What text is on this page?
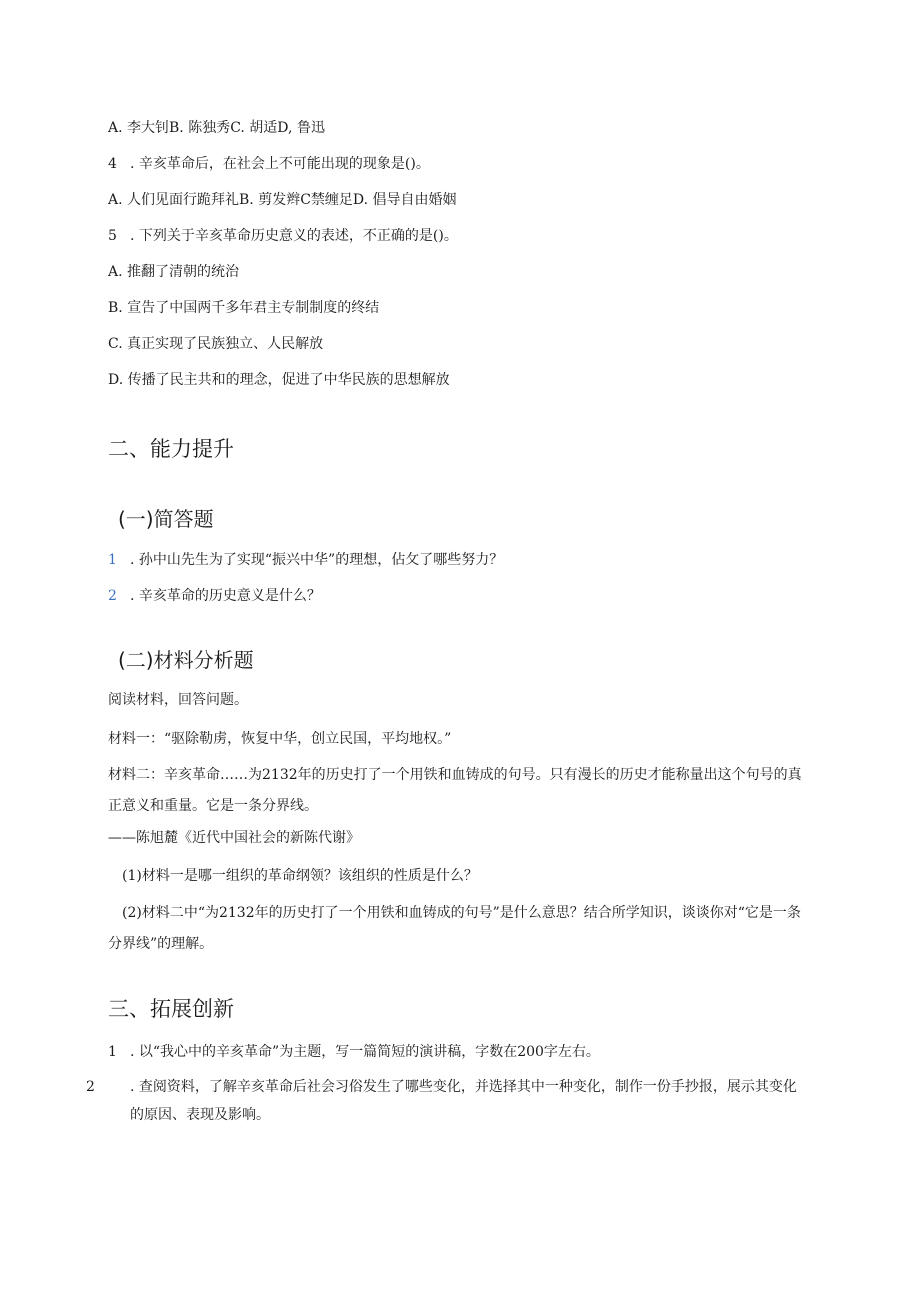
A. 李大钊B. 陈独秀C. 胡适D, 鲁迅
4 . 辛亥革命后，在社会上不可能出现的现象是()。
A. 人们见面行跪拜礼B. 剪发辫C禁缠足D. 倡导自由婚姻
5 . 下列关于辛亥革命历史意义的表述，不正确的是()。
A. 推翻了清朝的统治
B. 宣告了中国两千多年君主专制制度的终结
C. 真正实现了民族独立、人民解放
D. 传播了民主共和的理念，促进了中华民族的思想解放
二、能力提升
(一)简答题
1 . 孙中山先生为了实现“振兴中华”的理想，佔攵了哪些努力？
2 . 辛亥革命的历史意义是什么？
(二)材料分析题
阅读材料，回答问题。
材料一：“驱除勒虏，恢复中华，创立民国，平均地权。”
材料二：辛亥革命……为2132年的历史打了一个用铁和血铸成的句号。只有漫长的历史才能称量出这个句号的真正意义和重量。它是一条分界线。
——陈旭麓《近代中国社会的新陈代谢》
(1)材料一是哪一组织的革命纲领？该组织的性质是什么？
(2)材料二中“为2132年的历史打了一个用铁和血铸成的句号”是什么意思？结合所学知识，谈谈你对“它是一条分界线”的理解。
三、拓展创新
1 . 以“我心中的辛亥革命”为主题，写一篇简短的演讲稿，字数在200字左右。
2	. 查阅资料，了解辛亥革命后社会习俗发生了哪些变化，并选择其中一种变化，制作一份手抄报，展示其变化的原因、表现及影响。
